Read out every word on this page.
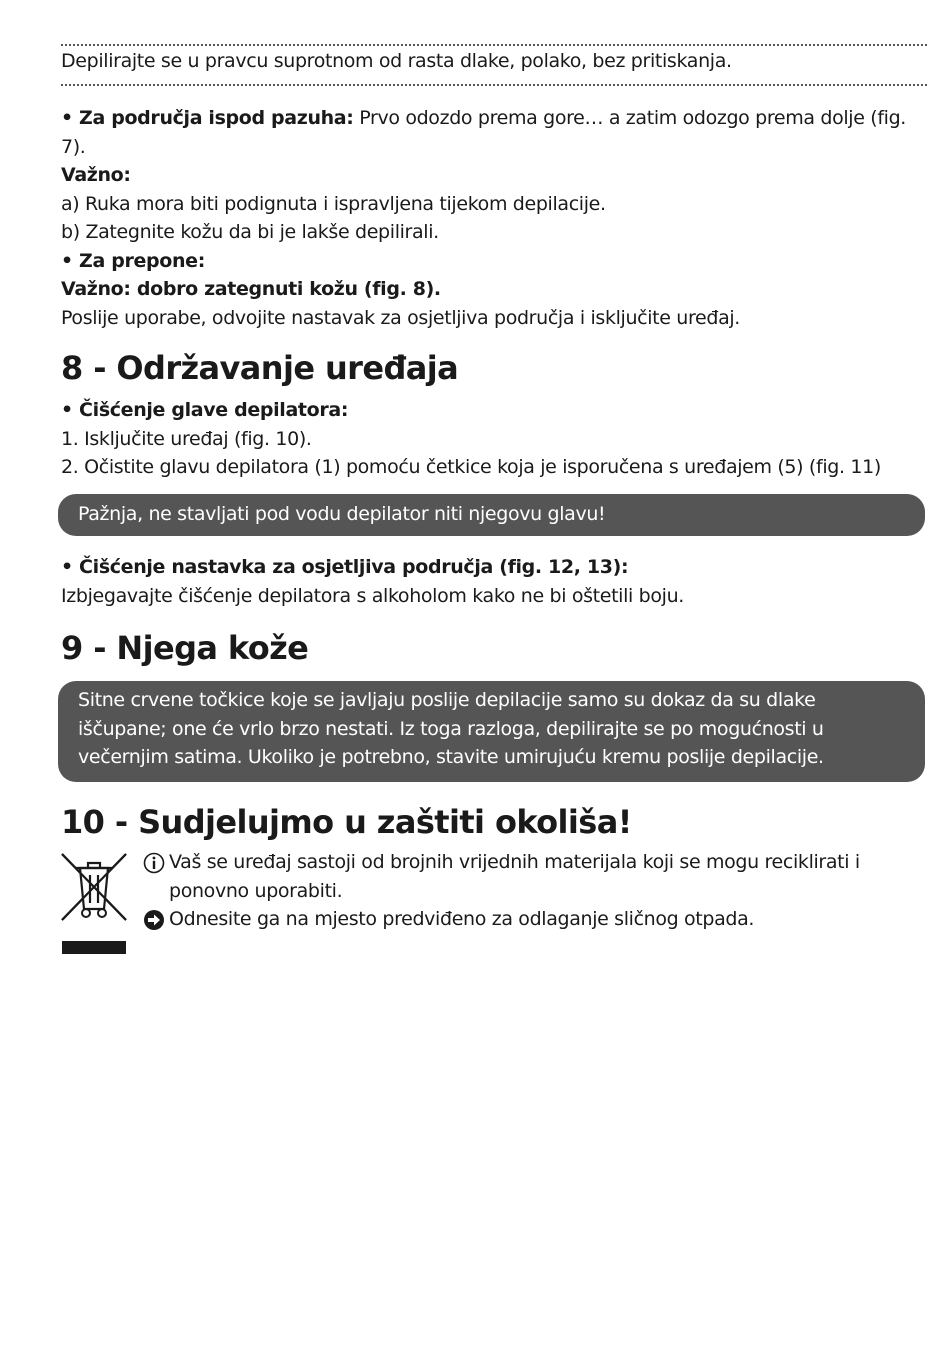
Depilirajte se u pravcu suprotnom od rasta dlake, polako, bez pritiskanja.

• Za područja ispod pazuha: Prvo odozdo prema gore… a zatim odozgo prema dolje (fig. 7).

Važno:

a) Ruka mora biti podignuta i ispravljena tijekom depilacije.

b) Zategnite kožu da bi je lakše depilirali.

• Za prepone:

Važno: dobro zategnuti kožu (fig. 8).

Poslije uporabe, odvojite nastavak za osjetljiva područja i isključite uređaj.

8 - Održavanje uređaja

• Čišćenje glave depilatora:

1. Isključite uređaj (fig. 10).

2. Očistite glavu depilatora (1) pomoću četkice koja je isporučena s uređajem (5) (fig. 11)

Pažnja, ne stavljati pod vodu depilator niti njegovu glavu!

• Čišćenje nastavka za osjetljiva područja (fig. 12, 13):

Izbjegavajte čišćenje depilatora s alkoholom kako ne bi oštetili boju.

9 - Njega kože
Sitne crvene točkice koje se javljaju poslije depilacije samo su dokaz da su dlake iščupane; one će vrlo brzo nestati. Iz toga razloga, depilirajte se po mogućnosti u večernjim satima. Ukoliko je potrebno, stavite umirujuću kremu poslije depilacije.
10 - Sudjelujmo u zaštiti okoliša!
Vaš se uređaj sastoji od brojnih vrijednih materijala koji se mogu reciklirati i ponovno uporabiti.
Odnesite ga na mjesto predviđeno za odlaganje sličnog otpada.
